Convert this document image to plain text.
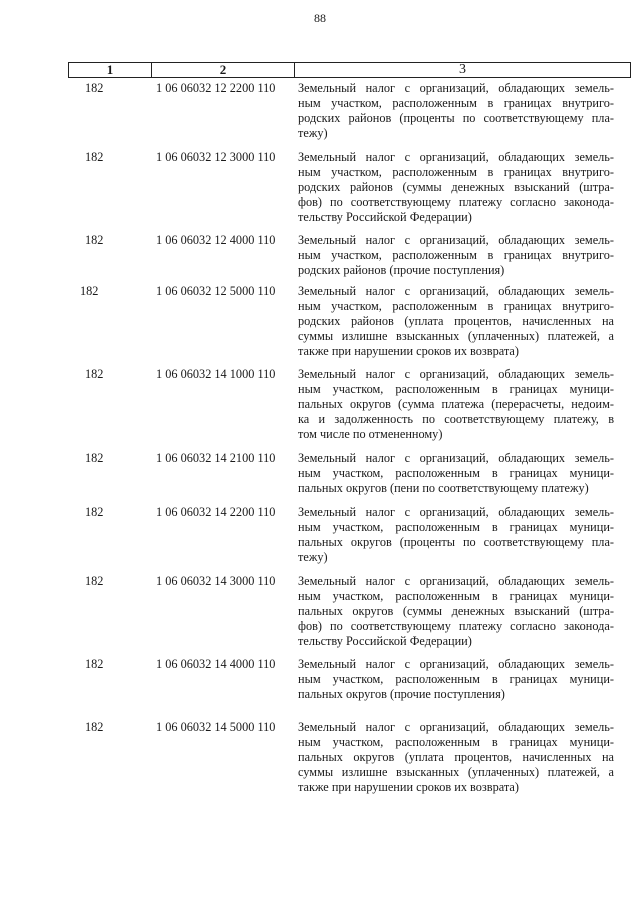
88
1	2	3
182	1 06 06032 12 2200 110	Земельный налог с организаций, обладающих земель-
ным участком, расположенным в границах внутриго-
родских районов (проценты по соответствующему пла-
тежу)
182	1 06 06032 12 3000 110	Земельный налог с организаций, обладающих земель-
ным участком, расположенным в границах внутриго-
родских районов (суммы денежных взысканий (штра-
фов) по соответствующему платежу согласно законода-
тельству Российской Федерации)
182	1 06 06032 12 4000 110	Земельный налог с организаций, обладающих земель-
ным участком, расположенным в границах внутриго-
родских районов (прочие поступления)
182	1 06 06032 12 5000 110	Земельный налог с организаций, обладающих земель-
ным участком, расположенным в границах внутриго-
родских районов (уплата процентов, начисленных на
суммы излишне взысканных (уплаченных) платежей, а
также при нарушении сроков их возврата)
182	1 06 06032 14 1000 110	Земельный налог с организаций, обладающих земель-
ным участком, расположенным в границах муници-
пальных округов (сумма платежа (перерасчеты, недоим-
ка и задолженность по соответствующему платежу, в
том числе по отмененному)
182	1 06 06032 14 2100 110	Земельный налог с организаций, обладающих земель-
ным участком, расположенным в границах муници-
пальных округов (пени по соответствующему платежу)
182	1 06 06032 14 2200 110	Земельный налог с организаций, обладающих земель-
ным участком, расположенным в границах муници-
пальных округов (проценты по соответствующему пла-
тежу)
182	1 06 06032 14 3000 110	Земельный налог с организаций, обладающих земель-
ным участком, расположенным в границах муници-
пальных округов (суммы денежных взысканий (штра-
фов) по соответствующему платежу согласно законода-
тельству Российской Федерации)
182	1 06 06032 14 4000 110	Земельный налог с организаций, обладающих земель-
ным участком, расположенным в границах муници-
пальных округов (прочие поступления)
182	1 06 06032 14 5000 110	Земельный налог с организаций, обладающих земель-
ным участком, расположенным в границах муници-
пальных округов (уплата процентов, начисленных на
суммы излишне взысканных (уплаченных) платежей, а
также при нарушении сроков их возврата)
